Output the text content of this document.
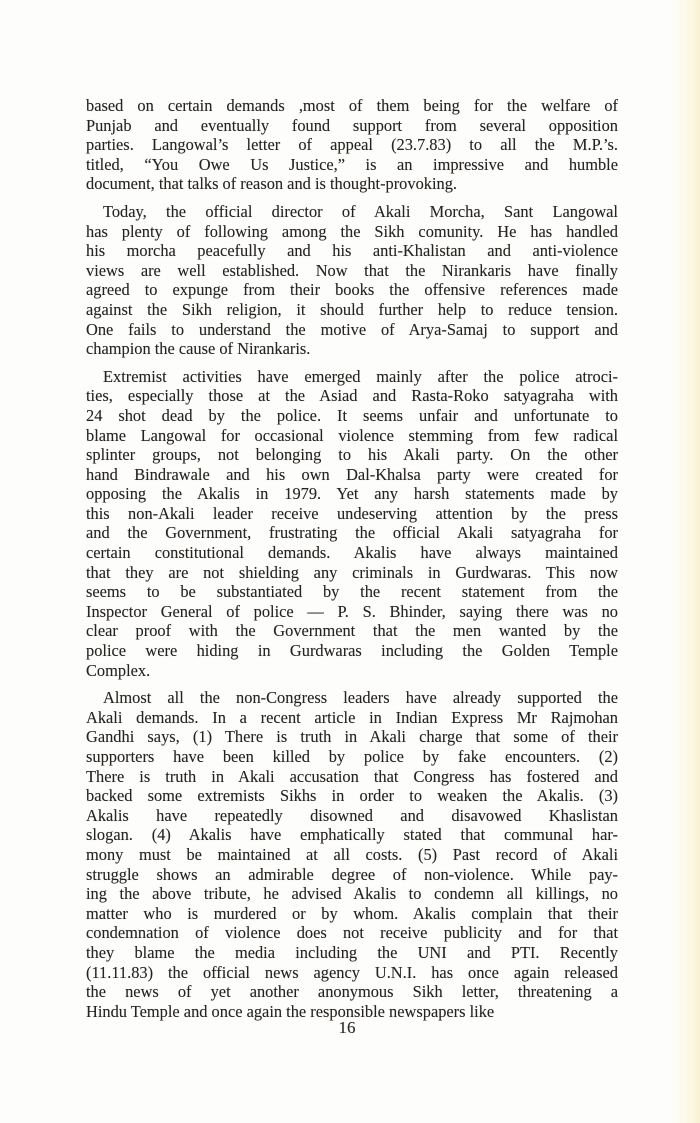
based on certain demands ,most of them being for the welfare of
Punjab and eventually found support from several opposition
parties. Langowal’s letter of appeal (23.7.83) to all the M.P.’s.
titled, “You Owe Us Justice,” is an impressive and humble
document, that talks of reason and is thought-provoking.

Today, the official director of Akali Morcha, Sant Langowal
has plenty of following among the Sikh comunity. He has handled
his morcha peacefully and his anti-Khalistan and anti-violence
views are well established. Now that the Nirankaris have finally
agreed to expunge from their books the offensive references made
against the Sikh religion, it should further help to reduce tension.
One fails to understand the motive of Arya-Samaj to support and
champion the cause of Nirankaris.

Extremist activities have emerged mainly after the police atroci-
ties, especially those at the Asiad and Rasta-Roko satyagraha with
24 shot dead by the police. It seems unfair and unfortunate to
blame Langowal for occasional violence stemming from few radical
splinter groups, not belonging to his Akali party. On the other
hand Bindrawale and his own Dal-Khalsa party were created for
opposing the Akalis in 1979. Yet any harsh statements made by
this non-Akali leader receive undeserving attention by the press
and the Government, frustrating the official Akali satyagraha for
certain constitutional demands. Akalis have always maintained
that they are not shielding any criminals in Gurdwaras. This now
seems to be substantiated by the recent statement from the
Inspector General of police — P. S. Bhinder, saying there was no
clear proof with the Government that the men wanted by the
police were hiding in Gurdwaras including the Golden Temple
Complex.

Almost all the non-Congress leaders have already supported the
Akali demands. In a recent article in Indian Express Mr Rajmohan
Gandhi says, (1) There is truth in Akali charge that some of their
supporters have been killed by police by fake encounters. (2)
There is truth in Akali accusation that Congress has fostered and
backed some extremists Sikhs in order to weaken the Akalis. (3)
Akalis have repeatedly disowned and disavowed Khaslistan
slogan. (4) Akalis have emphatically stated that communal har-
mony must be maintained at all costs. (5) Past record of Akali
struggle shows an admirable degree of non-violence. While pay-
ing the above tribute, he advised Akalis to condemn all killings, no
matter who is murdered or by whom. Akalis complain that their
condemnation of violence does not receive publicity and for that
they blame the media including the UNI and PTI. Recently
(11.11.83) the official news agency U.N.I. has once again released
the news of yet another anonymous Sikh letter, threatening a
Hindu Temple and once again the responsible newspapers like

16
